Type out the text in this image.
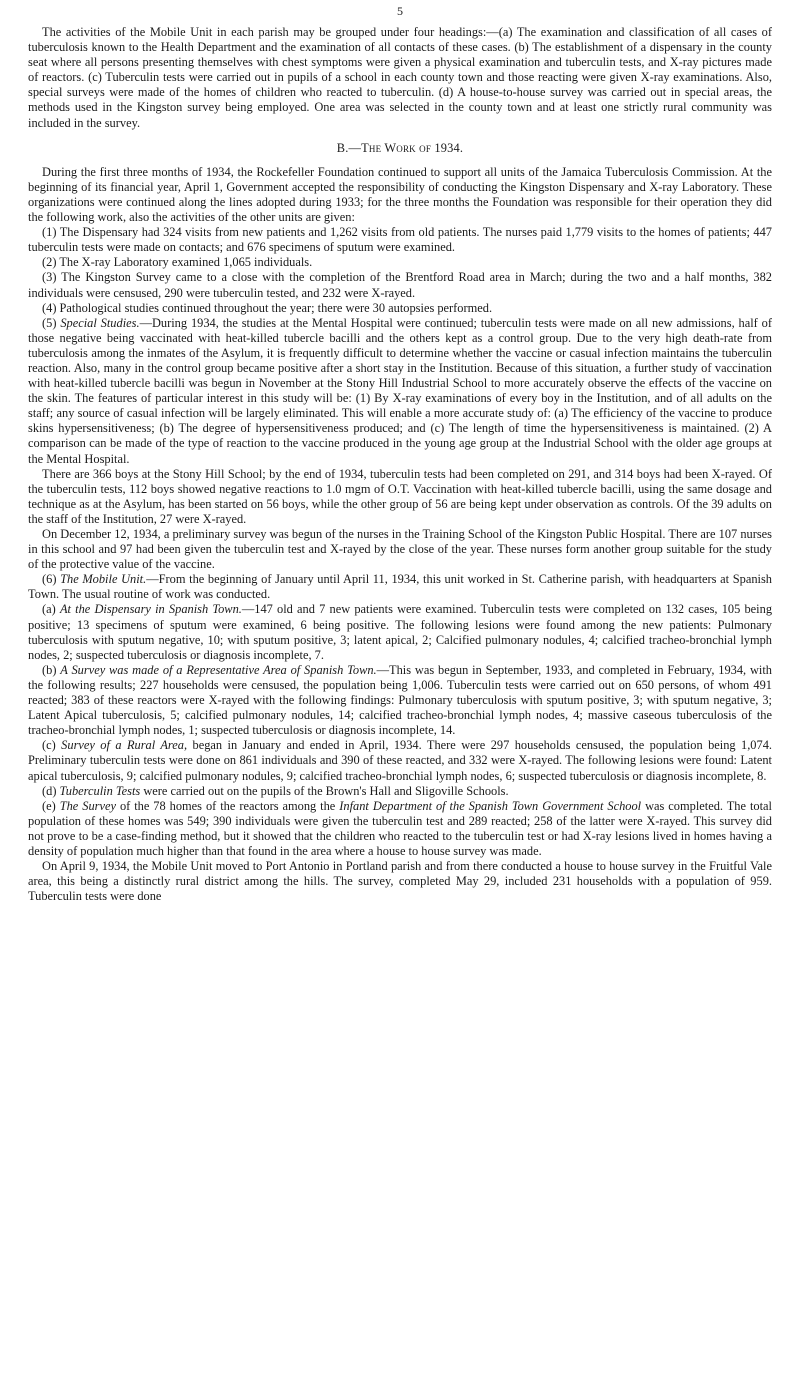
5

The activities of the Mobile Unit in each parish may be grouped under four headings:—(a) The examination and classification of all cases of tuberculosis known to the Health Department and the examination of all contacts of these cases. (b) The establishment of a dispensary in the county seat where all persons presenting themselves with chest symptoms were given a physical examination and tuberculin tests, and X-ray pictures made of reactors. (c) Tuberculin tests were carried out in pupils of a school in each county town and those reacting were given X-ray examinations. Also, special surveys were made of the homes of children who reacted to tuberculin. (d) A house-to-house survey was carried out in special areas, the methods used in the Kingston survey being employed. One area was selected in the county town and at least one strictly rural community was included in the survey.

B.—The Work of 1934.

During the first three months of 1934, the Rockefeller Foundation continued to support all units of the Jamaica Tuberculosis Commission. At the beginning of its financial year, April 1, Government accepted the responsibility of conducting the Kingston Dispensary and X-ray Laboratory. These organizations were continued along the lines adopted during 1933; for the three months the Foundation was responsible for their operation they did the following work, also the activities of the other units are given:

(1) The Dispensary had 324 visits from new patients and 1,262 visits from old patients. The nurses paid 1,779 visits to the homes of patients; 447 tuberculin tests were made on contacts; and 676 specimens of sputum were examined.

(2) The X-ray Laboratory examined 1,065 individuals.

(3) The Kingston Survey came to a close with the completion of the Brentford Road area in March; during the two and a half months, 382 individuals were censused, 290 were tuberculin tested, and 232 were X-rayed.

(4) Pathological studies continued throughout the year; there were 30 autopsies performed.

(5) Special Studies.—During 1934, the studies at the Mental Hospital were continued; tuberculin tests were made on all new admissions, half of those negative being vaccinated with heat-killed tubercle bacilli and the others kept as a control group. Due to the very high death-rate from tuberculosis among the inmates of the Asylum, it is frequently difficult to determine whether the vaccine or casual infection maintains the tuberculin reaction. Also, many in the control group became positive after a short stay in the Institution. Because of this situation, a further study of vaccination with heat-killed tubercle bacilli was begun in November at the Stony Hill Industrial School to more accurately observe the effects of the vaccine on the skin. The features of particular interest in this study will be: (1) By X-ray examinations of every boy in the Institution, and of all adults on the staff; any source of casual infection will be largely eliminated. This will enable a more accurate study of: (a) The efficiency of the vaccine to produce skins hypersensitiveness; (b) The degree of hypersensitiveness produced; and (c) The length of time the hypersensitiveness is maintained. (2) A comparison can be made of the type of reaction to the vaccine produced in the young age group at the Industrial School with the older age groups at the Mental Hospital.

There are 366 boys at the Stony Hill School; by the end of 1934, tuberculin tests had been completed on 291, and 314 boys had been X-rayed. Of the tuberculin tests, 112 boys showed negative reactions to 1.0 mgm of O.T. Vaccination with heat-killed tubercle bacilli, using the same dosage and technique as at the Asylum, has been started on 56 boys, while the other group of 56 are being kept under observation as controls. Of the 39 adults on the staff of the Institution, 27 were X-rayed.

On December 12, 1934, a preliminary survey was begun of the nurses in the Training School of the Kingston Public Hospital. There are 107 nurses in this school and 97 had been given the tuberculin test and X-rayed by the close of the year. These nurses form another group suitable for the study of the protective value of the vaccine.

(6) The Mobile Unit.—From the beginning of January until April 11, 1934, this unit worked in St. Catherine parish, with headquarters at Spanish Town. The usual routine of work was conducted.

(a) At the Dispensary in Spanish Town.—147 old and 7 new patients were examined. Tuberculin tests were completed on 132 cases, 105 being positive; 13 specimens of sputum were examined, 6 being positive. The following lesions were found among the new patients: Pulmonary tuberculosis with sputum negative, 10; with sputum positive, 3; latent apical, 2; Calcified pulmonary nodules, 4; calcified tracheo-bronchial lymph nodes, 2; suspected tuberculosis or diagnosis incomplete, 7.

(b) A Survey was made of a Representative Area of Spanish Town.—This was begun in September, 1933, and completed in February, 1934, with the following results; 227 households were censused, the population being 1,006. Tuberculin tests were carried out on 650 persons, of whom 491 reacted; 383 of these reactors were X-rayed with the following findings: Pulmonary tuberculosis with sputum positive, 3; with sputum negative, 3; Latent Apical tuberculosis, 5; calcified pulmonary nodules, 14; calcified tracheo-bronchial lymph nodes, 4; massive caseous tuberculosis of the tracheo-bronchial lymph nodes, 1; suspected tuberculosis or diagnosis incomplete, 14.

(c) Survey of a Rural Area, began in January and ended in April, 1934. There were 297 households censused, the population being 1,074. Preliminary tuberculin tests were done on 861 individuals and 390 of these reacted, and 332 were X-rayed. The following lesions were found: Latent apical tuberculosis, 9; calcified pulmonary nodules, 9; calcified tracheo-bronchial lymph nodes, 6; suspected tuberculosis or diagnosis incomplete, 8.

(d) Tuberculin Tests were carried out on the pupils of the Brown's Hall and Sligoville Schools.

(e) The Survey of the 78 homes of the reactors among the Infant Department of the Spanish Town Government School was completed. The total population of these homes was 549; 390 individuals were given the tuberculin test and 289 reacted; 258 of the latter were X-rayed. This survey did not prove to be a case-finding method, but it showed that the children who reacted to the tuberculin test or had X-ray lesions lived in homes having a density of population much higher than that found in the area where a house to house survey was made.

On April 9, 1934, the Mobile Unit moved to Port Antonio in Portland parish and from there conducted a house to house survey in the Fruitful Vale area, this being a distinctly rural district among the hills. The survey, completed May 29, included 231 households with a population of 959. Tuberculin tests were done
